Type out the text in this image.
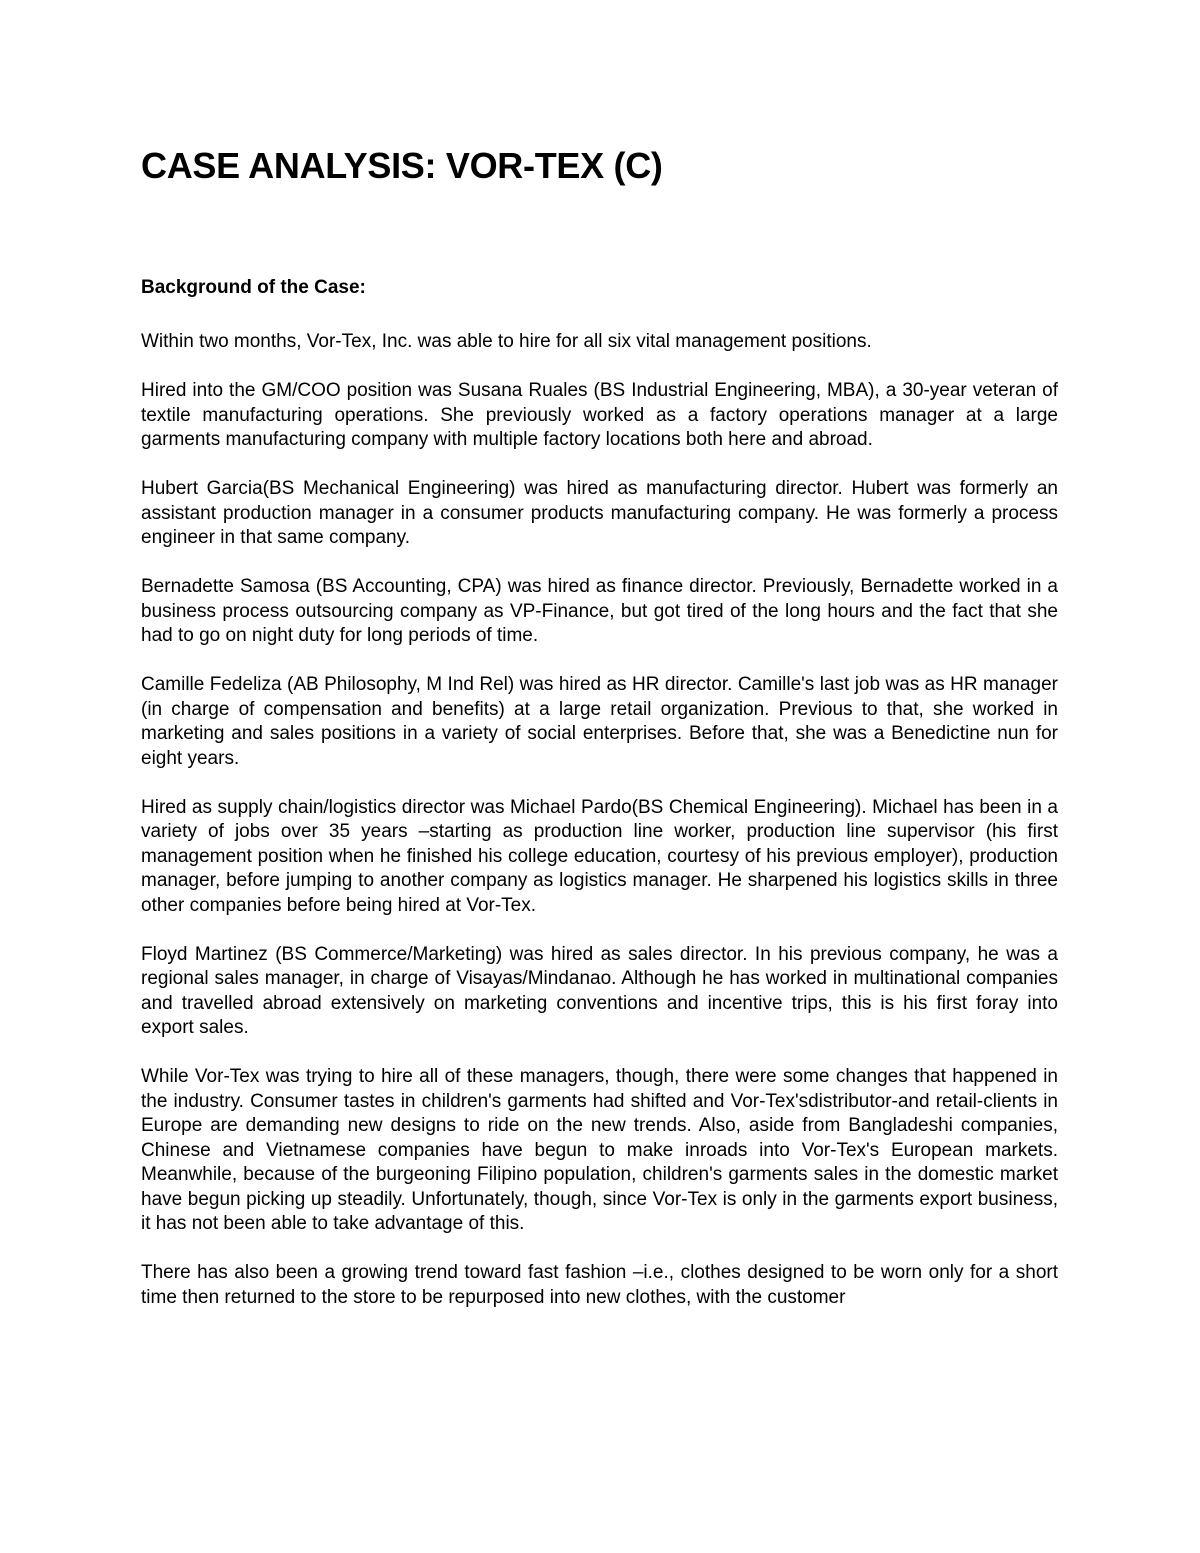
CASE ANALYSIS: VOR-TEX (C)
Background of the Case:

Within two months, Vor-Tex, Inc. was able to hire for all six vital management positions.

Hired into the GM/COO position was Susana Ruales (BS Industrial Engineering, MBA), a 30-year veteran of textile manufacturing operations. She previously worked as a factory operations manager at a large garments manufacturing company with multiple factory locations both here and abroad.

Hubert Garcia(BS Mechanical Engineering) was hired as manufacturing director. Hubert was formerly an assistant production manager in a consumer products manufacturing company. He was formerly a process engineer in that same company.

Bernadette Samosa (BS Accounting, CPA) was hired as finance director. Previously, Bernadette worked in a business process outsourcing company as VP-Finance, but got tired of the long hours and the fact that she had to go on night duty for long periods of time.

Camille Fedeliza (AB Philosophy, M Ind Rel) was hired as HR director. Camille's last job was as HR manager (in charge of compensation and benefits) at a large retail organization. Previous to that, she worked in marketing and sales positions in a variety of social enterprises. Before that, she was a Benedictine nun for eight years.

Hired as supply chain/logistics director was Michael Pardo(BS Chemical Engineering). Michael has been in a variety of jobs over 35 years –starting as production line worker, production line supervisor (his first management position when he finished his college education, courtesy of his previous employer), production manager, before jumping to another company as logistics manager. He sharpened his logistics skills in three other companies before being hired at Vor-Tex.

Floyd Martinez (BS Commerce/Marketing) was hired as sales director. In his previous company, he was a regional sales manager, in charge of Visayas/Mindanao. Although he has worked in multinational companies and travelled abroad extensively on marketing conventions and incentive trips, this is his first foray into export sales.

While Vor-Tex was trying to hire all of these managers, though, there were some changes that happened in the industry. Consumer tastes in children's garments had shifted and Vor-Tex'sdistributor-and retail-clients in Europe are demanding new designs to ride on the new trends. Also, aside from Bangladeshi companies, Chinese and Vietnamese companies have begun to make inroads into Vor-Tex's European markets. Meanwhile, because of the burgeoning Filipino population, children's garments sales in the domestic market have begun picking up steadily. Unfortunately, though, since Vor-Tex is only in the garments export business, it has not been able to take advantage of this.

There has also been a growing trend toward fast fashion –i.e., clothes designed to be worn only for a short time then returned to the store to be repurposed into new clothes, with the customer
